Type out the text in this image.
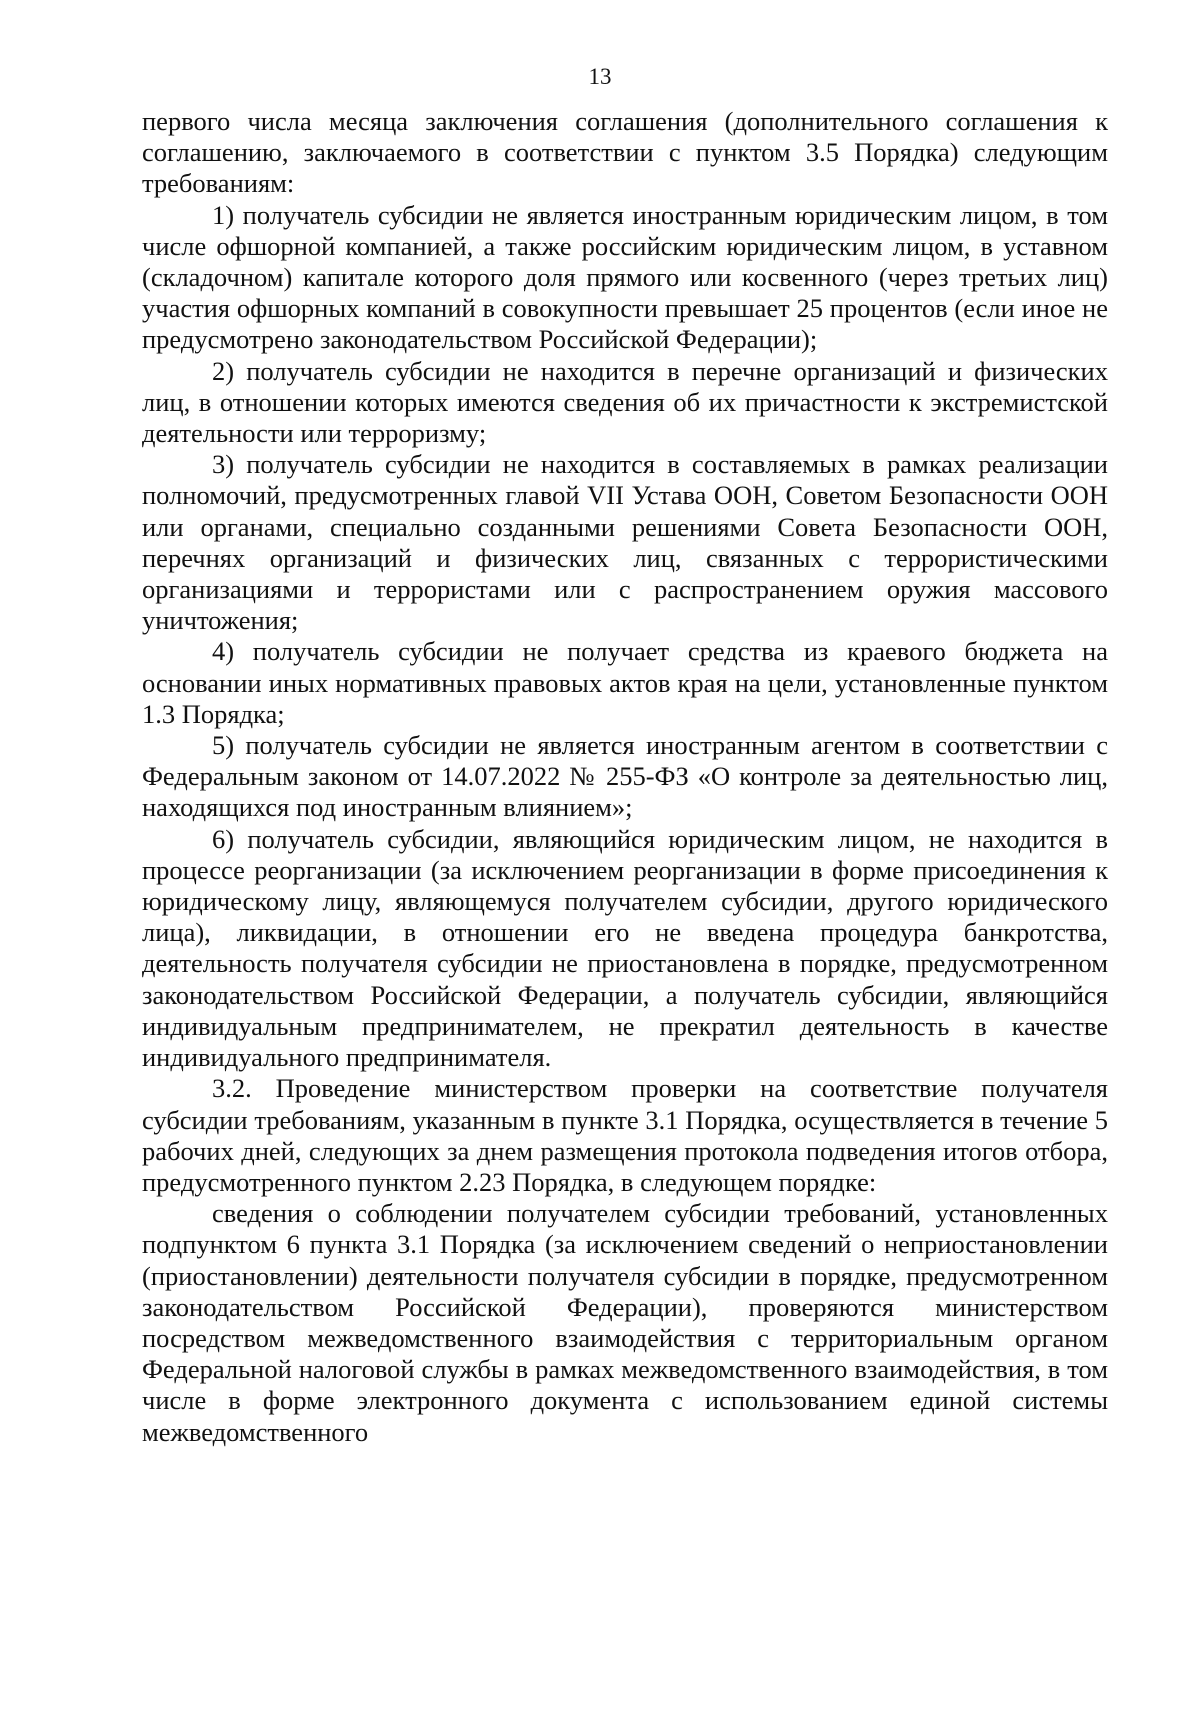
13

первого числа месяца заключения соглашения (дополнительного соглашения к соглашению, заключаемого в соответствии с пунктом 3.5 Порядка) следующим требованиям:

1) получатель субсидии не является иностранным юридическим лицом, в том числе офшорной компанией, а также российским юридическим лицом, в уставном (складочном) капитале которого доля прямого или косвенного (через третьих лиц) участия офшорных компаний в совокупности превышает 25 процентов (если иное не предусмотрено законодательством Российской Федерации);

2) получатель субсидии не находится в перечне организаций и физических лиц, в отношении которых имеются сведения об их причастности к экстремистской деятельности или терроризму;

3) получатель субсидии не находится в составляемых в рамках реализации полномочий, предусмотренных главой VII Устава ООН, Советом Безопасности ООН или органами, специально созданными решениями Совета Безопасности ООН, перечнях организаций и физических лиц, связанных с террористическими организациями и террористами или с распространением оружия массового уничтожения;

4) получатель субсидии не получает средства из краевого бюджета на основании иных нормативных правовых актов края на цели, установленные пунктом 1.3 Порядка;

5) получатель субсидии не является иностранным агентом в соответствии с Федеральным законом от 14.07.2022 № 255-ФЗ «О контроле за деятельностью лиц, находящихся под иностранным влиянием»;

6) получатель субсидии, являющийся юридическим лицом, не находится в процессе реорганизации (за исключением реорганизации в форме присоединения к юридическому лицу, являющемуся получателем субсидии, другого юридического лица), ликвидации, в отношении его не введена процедура банкротства, деятельность получателя субсидии не приостановлена в порядке, предусмотренном законодательством Российской Федерации, а получатель субсидии, являющийся индивидуальным предпринимателем, не прекратил деятельность в качестве индивидуального предпринимателя.

3.2. Проведение министерством проверки на соответствие получателя субсидии требованиям, указанным в пункте 3.1 Порядка, осуществляется в течение 5 рабочих дней, следующих за днем размещения протокола подведения итогов отбора, предусмотренного пунктом 2.23 Порядка, в следующем порядке:

сведения о соблюдении получателем субсидии требований, установленных подпунктом 6 пункта 3.1 Порядка (за исключением сведений о неприостановлении (приостановлении) деятельности получателя субсидии в порядке, предусмотренном законодательством Российской Федерации), проверяются министерством посредством межведомственного взаимодействия с территориальным органом Федеральной налоговой службы в рамках межведомственного взаимодействия, в том числе в форме электронного документа с использованием единой системы межведомственного
